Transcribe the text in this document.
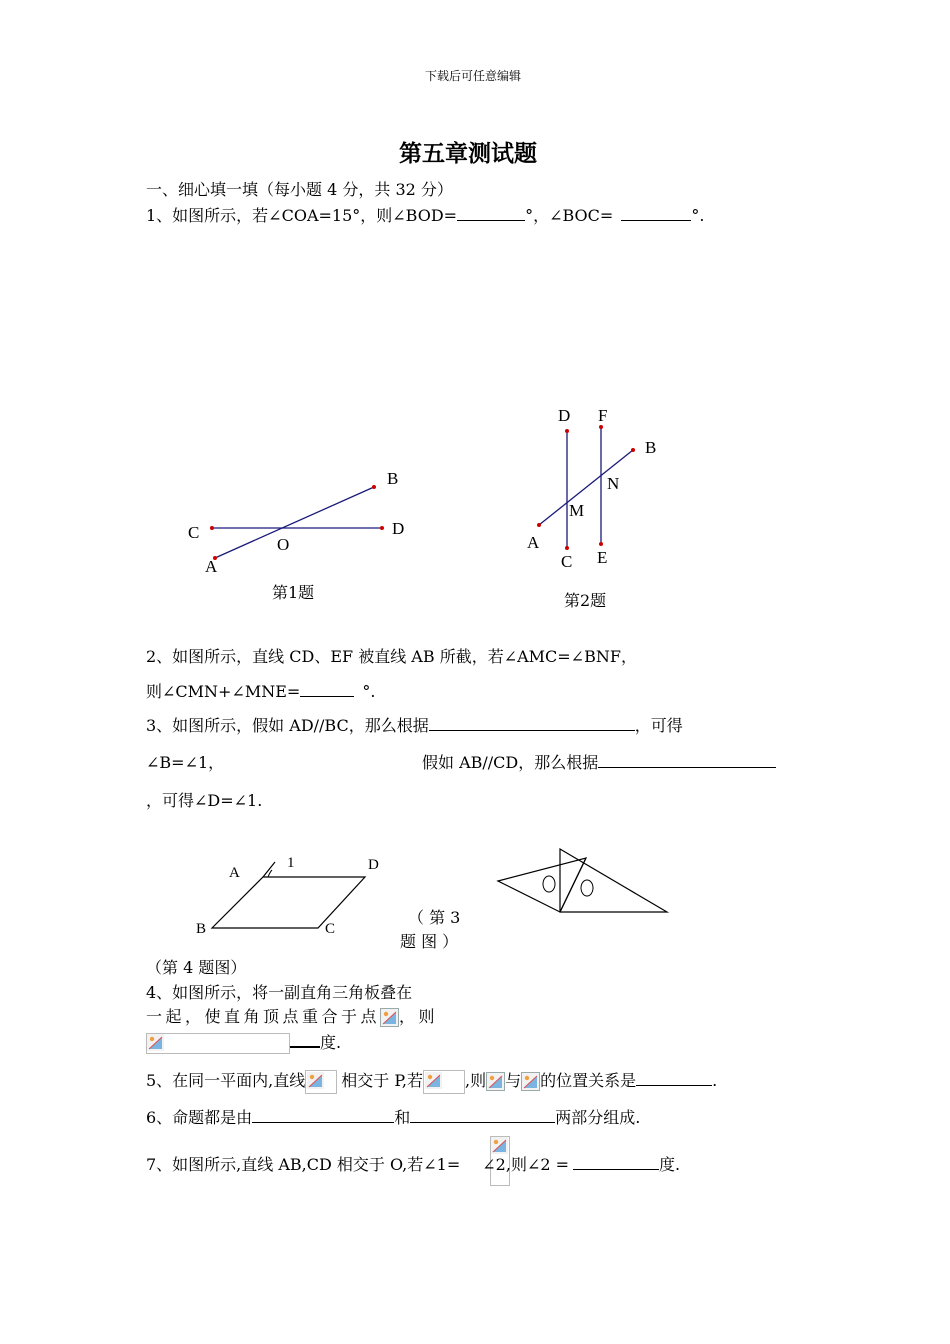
下载后可任意编辑
第五章测试题
一、细心填一填（每小题 4 分，共 32 分）
1、如图所示，若∠COA=15°，则∠BOD=	°，∠BOC=	°.
B
C	D
O
A
第1题
D F
B
N
M
A
C E
第2题
2、如图所示，直线 CD、EF 被直线 AB 所截，若∠AMC=∠BNF，
则∠CMN+∠MNE=	°.
3、如图所示，假如 AD//BC，那么根据	，可得
∠B=∠1，	假如 AB//CD，那么根据
，可得∠D=∠1.
A
1	D
B	C
（ 第 3
题 图 ）
（第 4 题图）
4、如图所示，将一副直角三角板叠在
一起，使直角顶点重合于点 ，则
度.
5、在同一平面内,直线 相交于 P,若	,则 与 的位置关系是	.
6、命题都是由	和	两部分组成.
7、如图所示,直线 AB,CD 相交于 O,若∠1= ∠2,则∠2 =	度.
